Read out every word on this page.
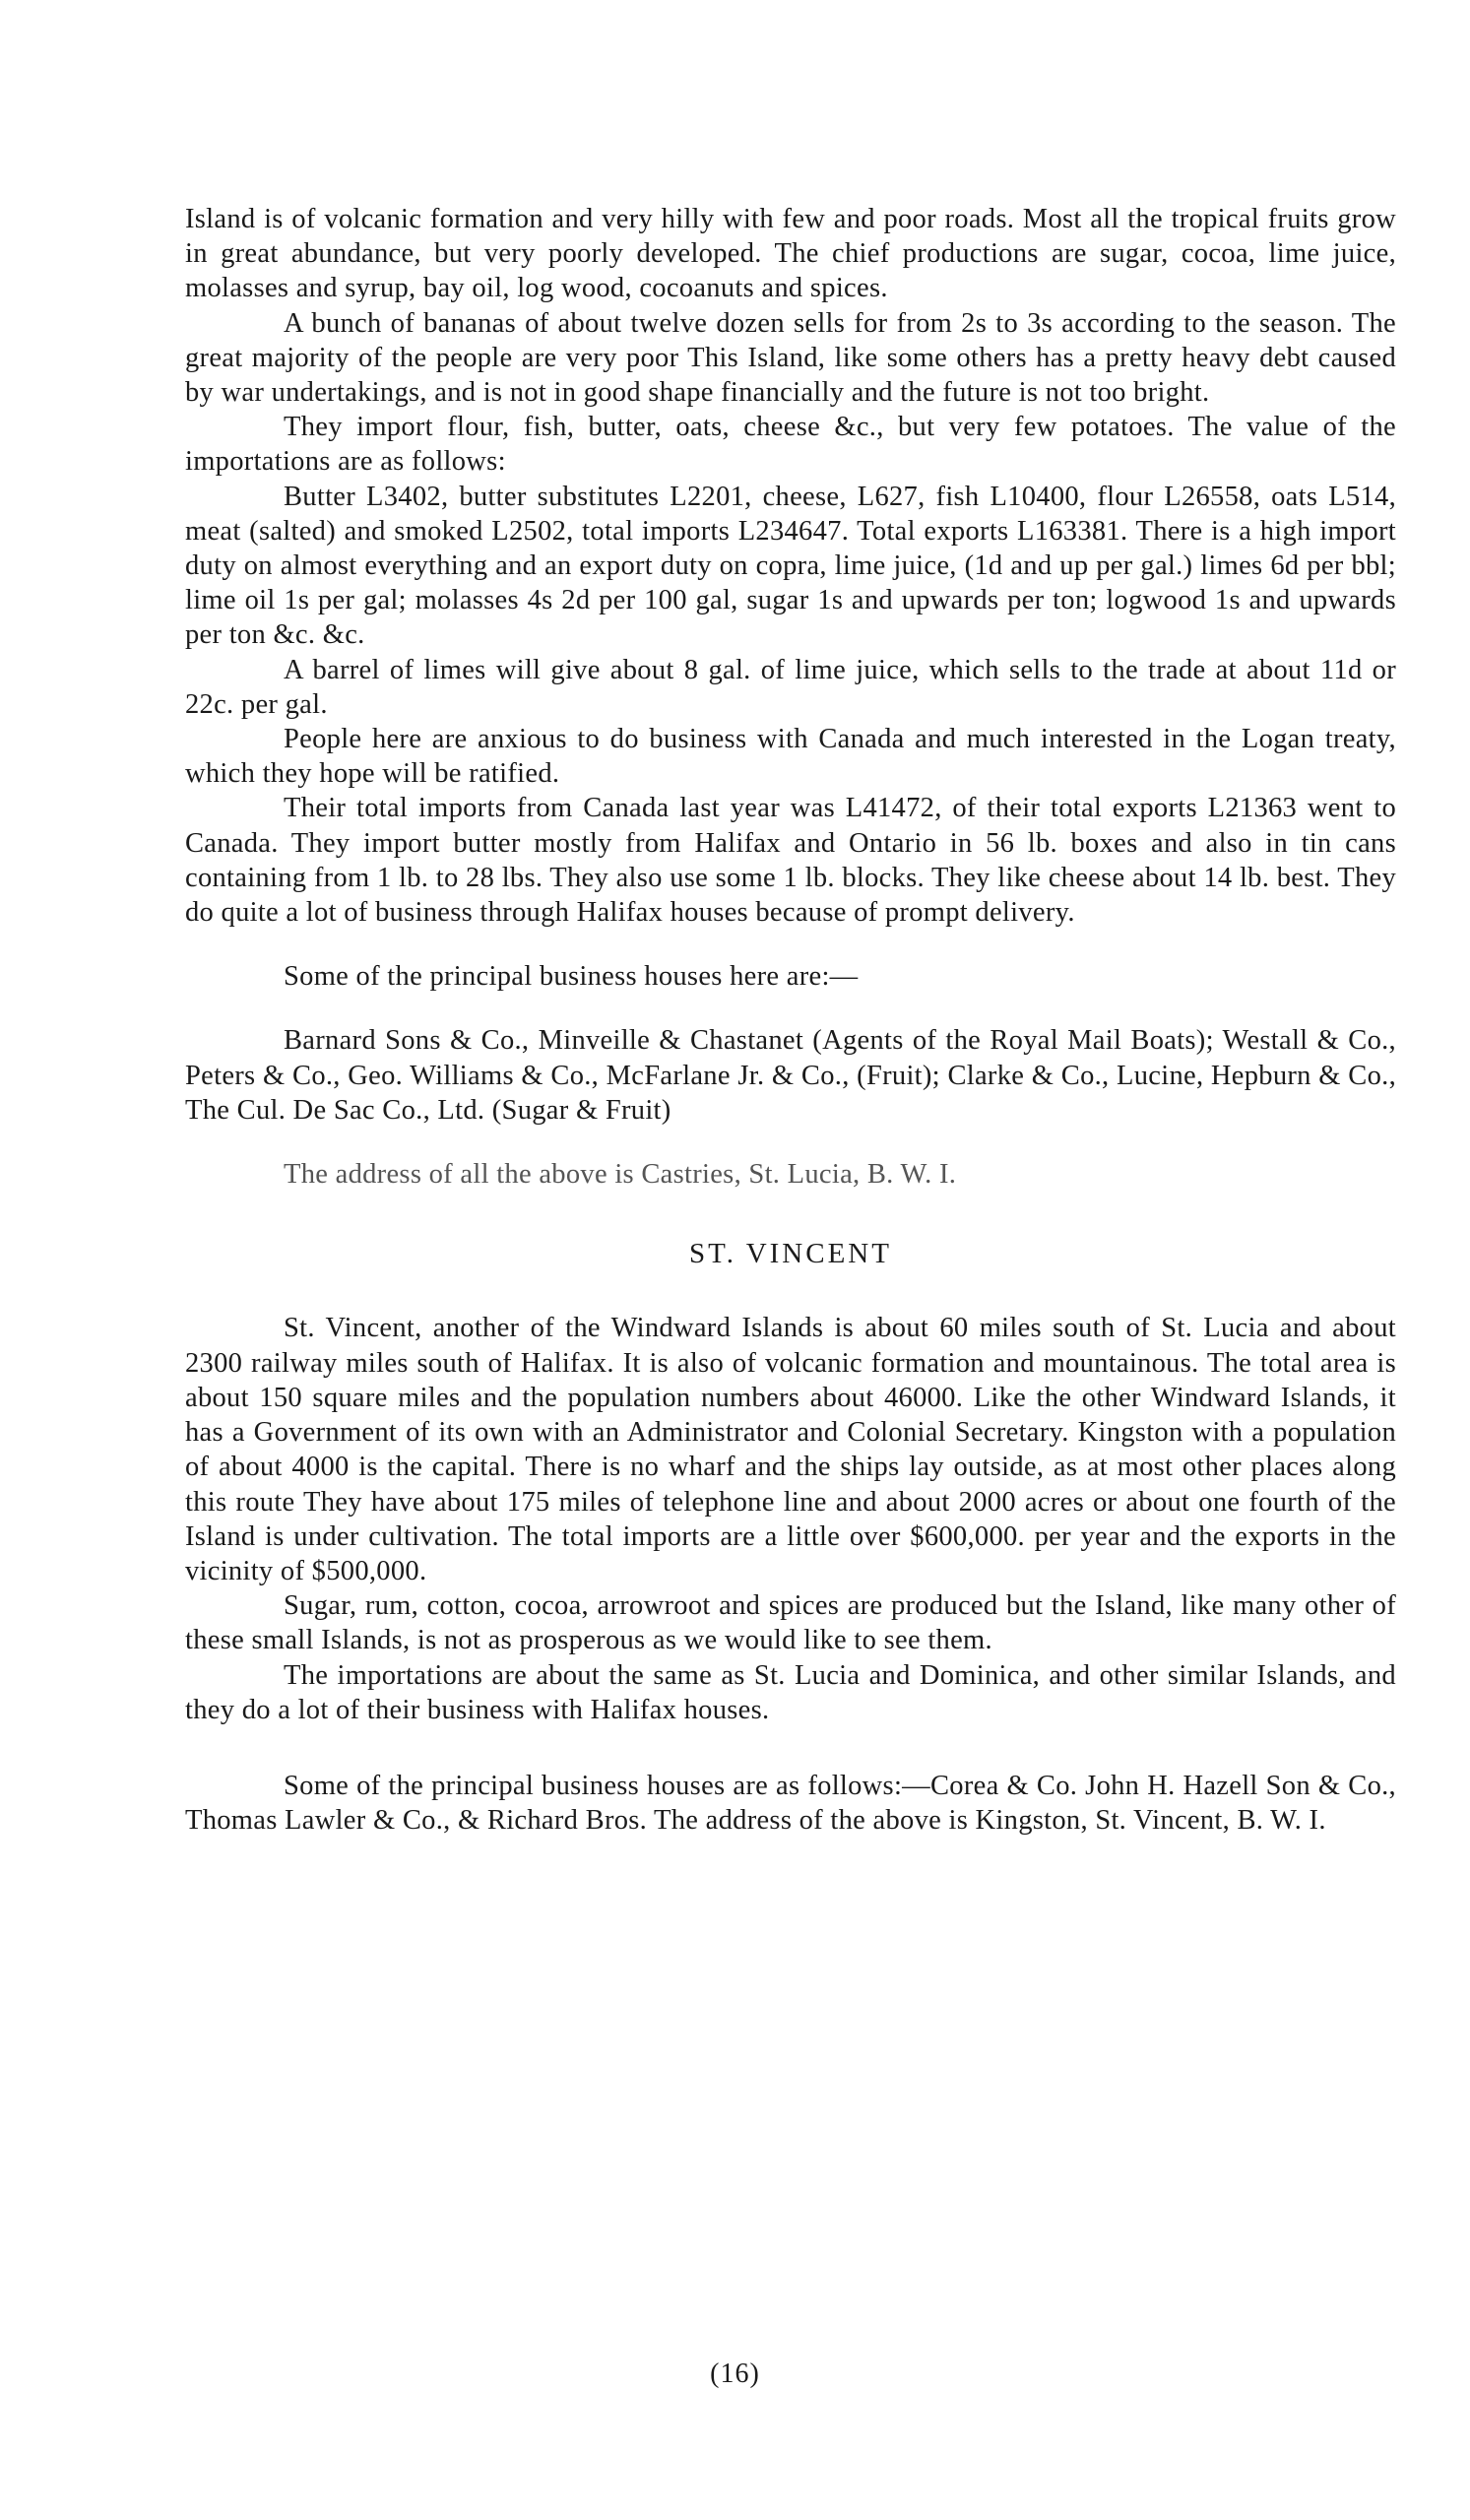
Island is of volcanic formation and very hilly with few and poor roads. Most all the tropical fruits grow in great abundance, but very poorly developed. The chief productions are sugar, cocoa, lime juice, molasses and syrup, bay oil, log wood, cocoanuts and spices.

A bunch of bananas of about twelve dozen sells for from 2s to 3s according to the season. The great majority of the people are very poor This Island, like some others has a pretty heavy debt caused by war undertakings, and is not in good shape financially and the future is not too bright.

They import flour, fish, butter, oats, cheese &c., but very few potatoes. The value of the importations are as follows:

Butter L3402, butter substitutes L2201, cheese, L627, fish L10400, flour L26558, oats L514, meat (salted) and smoked L2502, total imports L234647. Total exports L163381. There is a high import duty on almost everything and an export duty on copra, lime juice, (1d and up per gal.) limes 6d per bbl; lime oil 1s per gal; molasses 4s 2d per 100 gal, sugar 1s and upwards per ton; logwood 1s and upwards per ton &c. &c.

A barrel of limes will give about 8 gal. of lime juice, which sells to the trade at about 11d or 22c. per gal.

People here are anxious to do business with Canada and much interested in the Logan treaty, which they hope will be ratified.

Their total imports from Canada last year was L41472, of their total exports L21363 went to Canada. They import butter mostly from Halifax and Ontario in 56 lb. boxes and also in tin cans containing from 1 lb. to 28 lbs. They also use some 1 lb. blocks. They like cheese about 14 lb. best. They do quite a lot of business through Halifax houses because of prompt delivery.

Some of the principal business houses here are:—

Barnard Sons & Co., Minveille & Chastanet (Agents of the Royal Mail Boats); Westall & Co., Peters & Co., Geo. Williams & Co., McFarlane Jr. & Co., (Fruit); Clarke & Co., Lucine, Hepburn & Co., The Cul. De Sac Co., Ltd. (Sugar & Fruit)

The address of all the above is Castries, St. Lucia, B. W. I.

ST. VINCENT

St. Vincent, another of the Windward Islands is about 60 miles south of St. Lucia and about 2300 railway miles south of Halifax. It is also of volcanic formation and mountainous. The total area is about 150 square miles and the population numbers about 46000. Like the other Windward Islands, it has a Government of its own with an Administrator and Colonial Secretary. Kingston with a population of about 4000 is the capital. There is no wharf and the ships lay outside, as at most other places along this route They have about 175 miles of telephone line and about 2000 acres or about one fourth of the Island is under cultivation. The total imports are a little over $600,000. per year and the exports in the vicinity of $500,000.

Sugar, rum, cotton, cocoa, arrowroot and spices are produced but the Island, like many other of these small Islands, is not as prosperous as we would like to see them.

The importations are about the same as St. Lucia and Dominica, and other similar Islands, and they do a lot of their business with Halifax houses.

Some of the principal business houses are as follows:—Corea & Co. John H. Hazell Son & Co., Thomas Lawler & Co., & Richard Bros. The address of the above is Kingston, St. Vincent, B. W. I.

(16)
